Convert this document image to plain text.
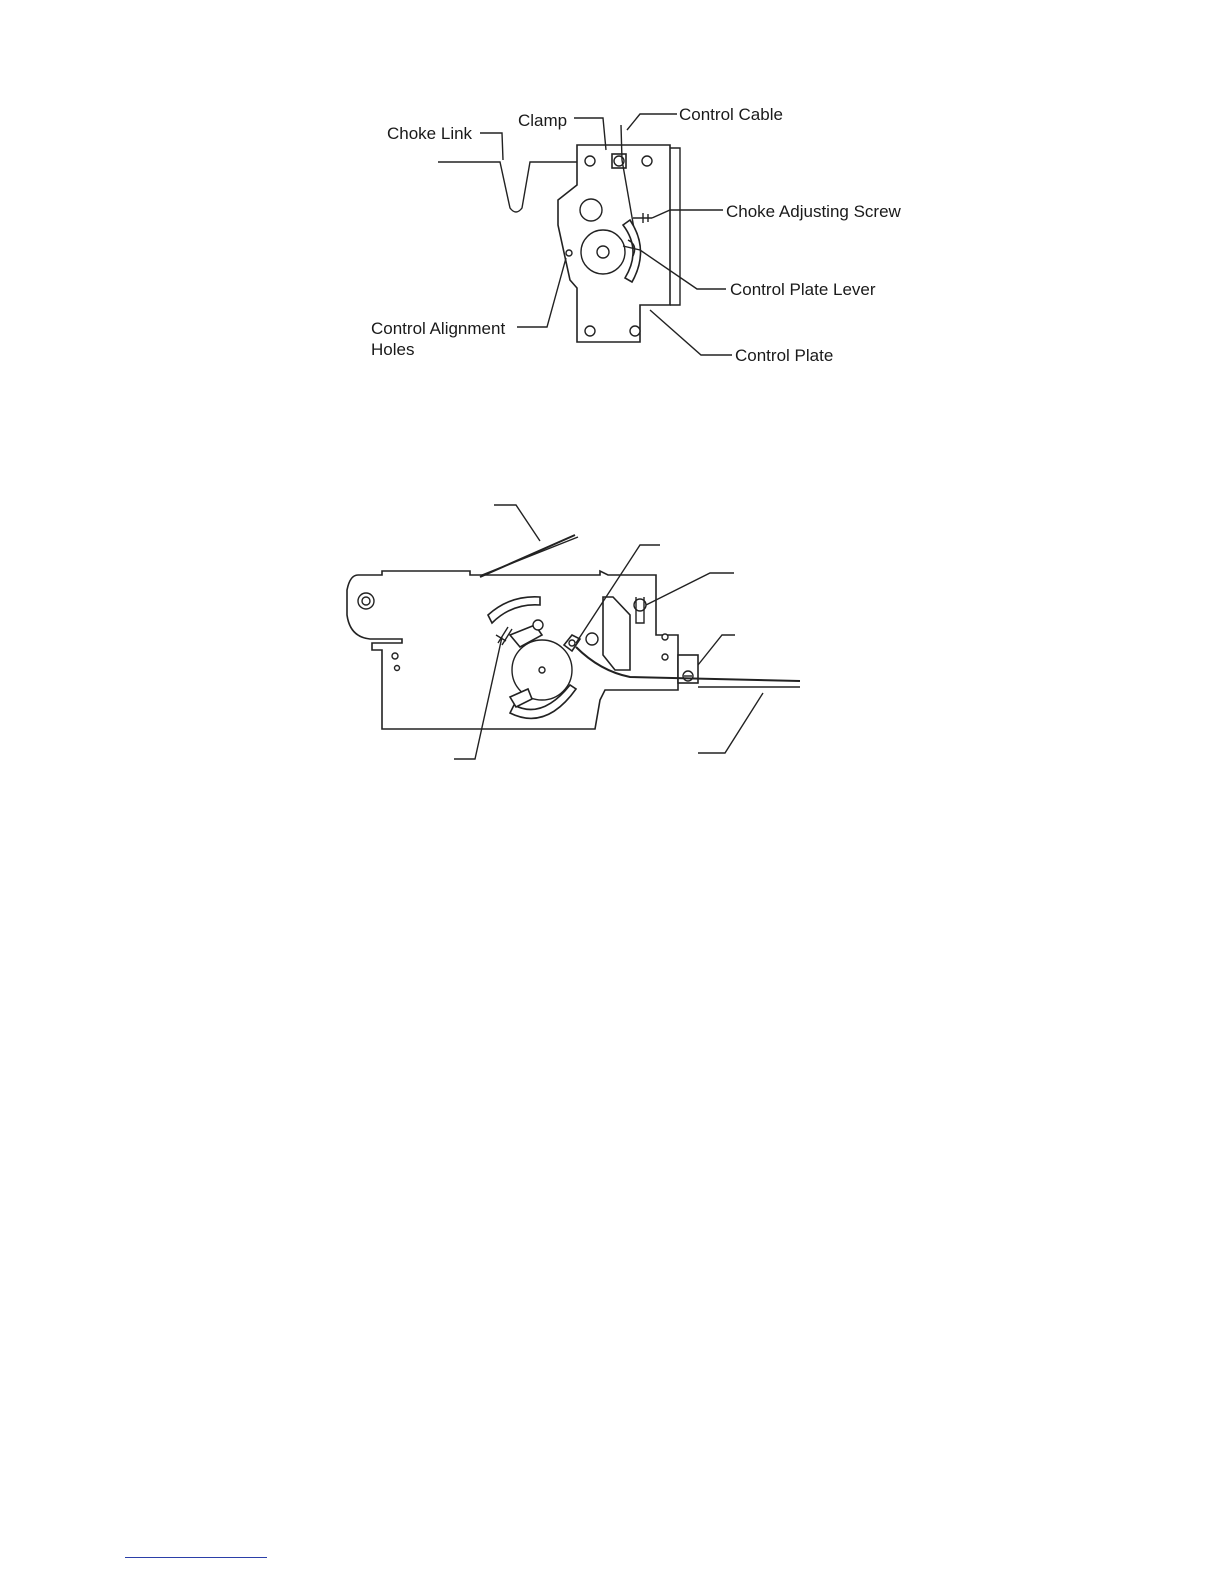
Choke Link
Clamp	Control Cable
Choke Adjusting Screw
Control Plate Lever
Control Alignment
Holes	Control Plate
